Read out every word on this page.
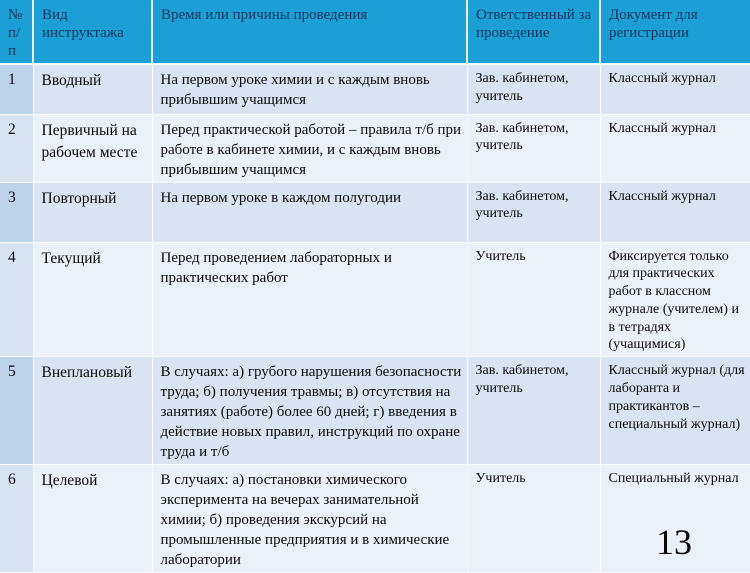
№ п/п	Вид инструктажа	Время или причины проведения	Ответственный за проведение	Документ для регистрации
1	Вводный	На первом уроке химии и с каждым вновь прибывшим учащимся	Зав. кабинетом, учитель	Классный журнал
2	Первичный на рабочем месте	Перед практической работой – правила т/б при работе в кабинете химии, и с каждым вновь прибывшим учащимся	Зав. кабинетом, учитель	Классный журнал
3	Повторный	На первом уроке в каждом полугодии	Зав. кабинетом, учитель	Классный журнал
4	Текущий	Перед проведением лабораторных и практических работ	Учитель	Фиксируется только для практических работ в классном журнале (учителем) и в тетрадях (учащимися)
5	Внеплановый	В случаях: а) грубого нарушения безопасности труда; б) получения травмы; в) отсутствия на занятиях (работе) более 60 дней; г) введения в действие новых правил, инструкций по охране труда и т/б	Зав. кабинетом, учитель	Классный журнал (для лаборанта и практикантов – специальный журнал)
6	Целевой	В случаях: а) постановки химического эксперимента на вечерах занимательной химии; б) проведения экскурсий на промышленные предприятия и в химические лаборатории	Учитель	Специальный журнал
13
